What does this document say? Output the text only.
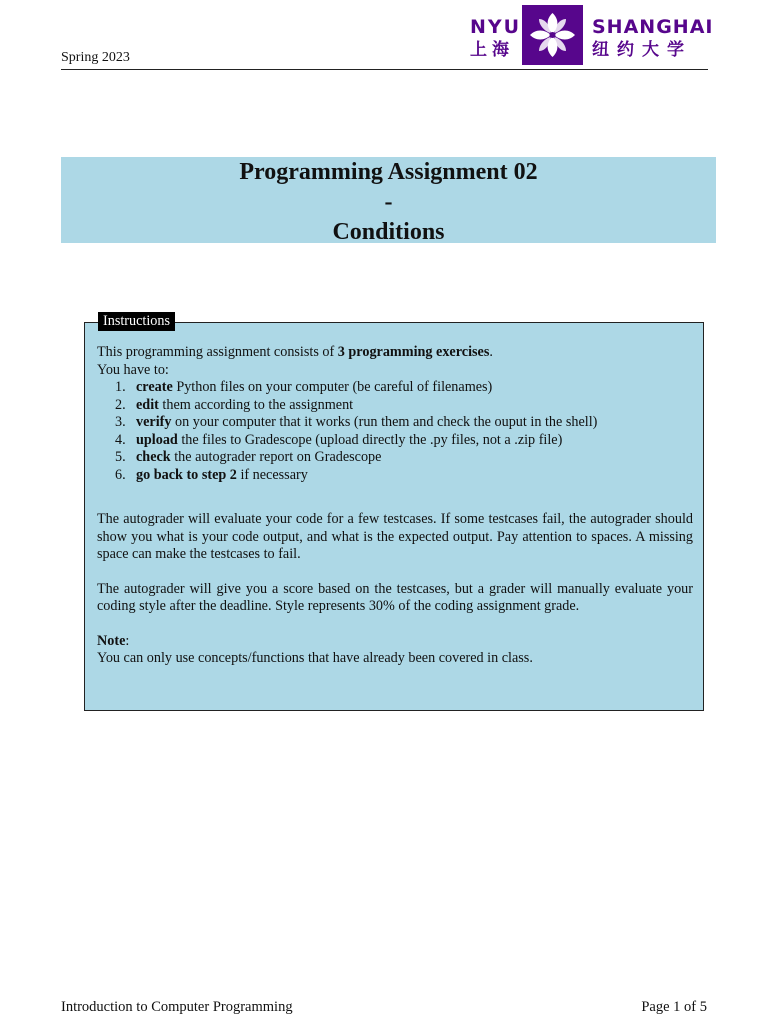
Spring 2023
NYU
上海
SHANGHAI
纽约大学
Programming Assignment 02
-
Conditions
Instructions
This programming assignment consists of 3 programming exercises.
You have to:
1. create Python files on your computer (be careful of filenames)
2. edit them according to the assignment
3. verify on your computer that it works (run them and check the ouput in the shell)
4. upload the files to Gradescope (upload directly the .py files, not a .zip file)
5. check the autograder report on Gradescope
6. go back to step 2 if necessary
The autograder will evaluate your code for a few testcases. If some testcases fail, the autograder should show you what is your code output, and what is the expected output. Pay attention to spaces. A missing space can make the testcases to fail.
The autograder will give you a score based on the testcases, but a grader will manually evaluate your coding style after the deadline. Style represents 30% of the coding assignment grade.
Note:
You can only use concepts/functions that have already been covered in class.
Introduction to Computer Programming	Page 1 of 5
